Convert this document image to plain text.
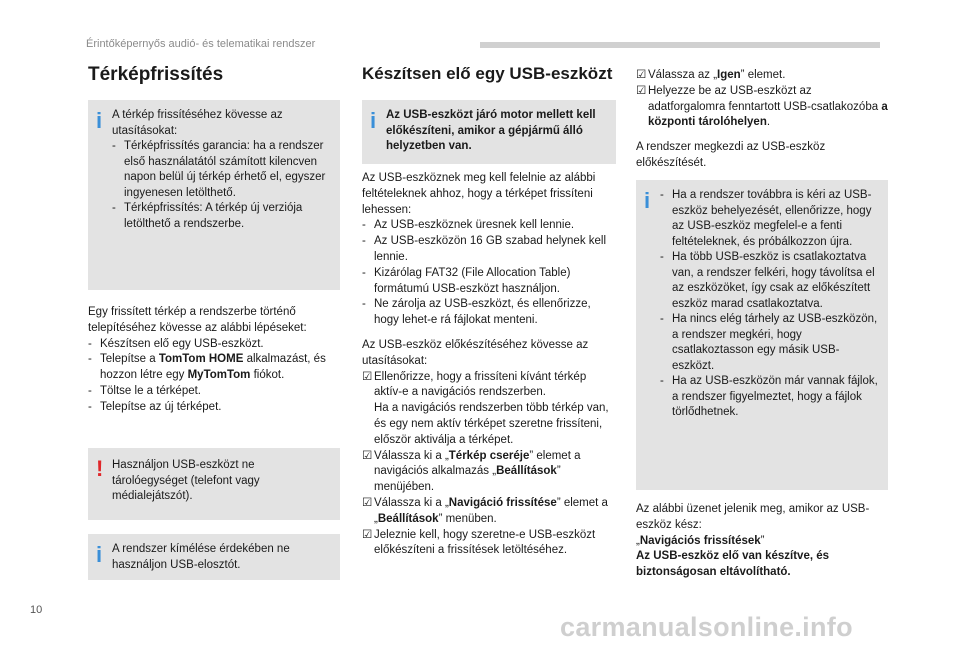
Érintőképernyős audió- és telematikai rendszer
Térképfrissítés
i A térkép frissítéséhez kövesse az utasításokat:

- Térképfrissítés garancia: ha a rendszer első használatától számított kilencven napon belül új térkép érhető el, egyszer ingyenesen letölthető.
- Térképfrissítés: A térkép új verziója letölthető a rendszerbe.

Egy frissített térkép a rendszerbe történő telepítéséhez kövesse az alábbi lépéseket:

- Készítsen elő egy USB-eszközt.
- Telepítse a TomTom HOME alkalmazást, és hozzon létre egy MyTomTom fiókot.
- Töltse le a térképet.
- Telepítse az új térképet.
! Használjon USB-eszközt ne tárolóegységet (telefont vagy médialejátszót).

i A rendszer kímélése érdekében ne használjon USB-elosztót.

Készítsen elő egy USB-eszközt
i Az USB-eszközt járó motor mellett kell előkészíteni, amikor a gépjármű álló helyzetben van.

Az USB-eszköznek meg kell felelnie az alábbi feltételeknek ahhoz, hogy a térképet frissíteni lehessen:

- Az USB-eszköznek üresnek kell lennie.
- Az USB-eszközön 16 GB szabad helynek kell lennie.
- Kizárólag FAT32 (File Allocation Table) formátumú USB-eszközt használjon.
- Ne zárolja az USB-eszközt, és ellenőrizze, hogy lehet-e rá fájlokat menteni.

Az USB-eszköz előkészítéséhez kövesse az utasításokat:

☑ Ellenőrizze, hogy a frissíteni kívánt térkép aktív-e a navigációs rendszerben.
Ha a navigációs rendszerben több térkép van, és egy nem aktív térképet szeretne frissíteni, először aktiválja a térképet.
☑ Válassza ki a „Térkép cseréje” elemet a navigációs alkalmazás „Beállítások” menüjében.
☑ Válassza ki a „Navigáció frissítése” elemet a „Beállítások” menüben.
☑ Jeleznie kell, hogy szeretne-e USB-eszközt előkészíteni a frissítések letöltéséhez.
☑ Válassza az „Igen” elemet.
☑ Helyezze be az USB-eszközt az adatforgalomra fenntartott USB-csatlakozóba a központi tárolóhelyen.

A rendszer megkezdi az USB-eszköz előkészítését.

i - Ha a rendszer továbbra is kéri az USB-eszköz behelyezését, ellenőrizze, hogy az USB-eszköz megfelel-e a fenti feltételeknek, és próbálkozzon újra.
- Ha több USB-eszköz is csatlakoztatva van, a rendszer felkéri, hogy távolítsa el az eszközöket, így csak az előkészített eszköz marad csatlakoztatva.
- Ha nincs elég tárhely az USB-eszközön, a rendszer megkéri, hogy csatlakoztasson egy másik USB-eszközt.
- Ha az USB-eszközön már vannak fájlok, a rendszer figyelmeztet, hogy a fájlok törlődhetnek.

Az alábbi üzenet jelenik meg, amikor az USB-eszköz kész:

„Navigációs frissítések”

Az USB-eszköz elő van készítve, és biztonságosan eltávolítható.

10
carmanualsonline.info
